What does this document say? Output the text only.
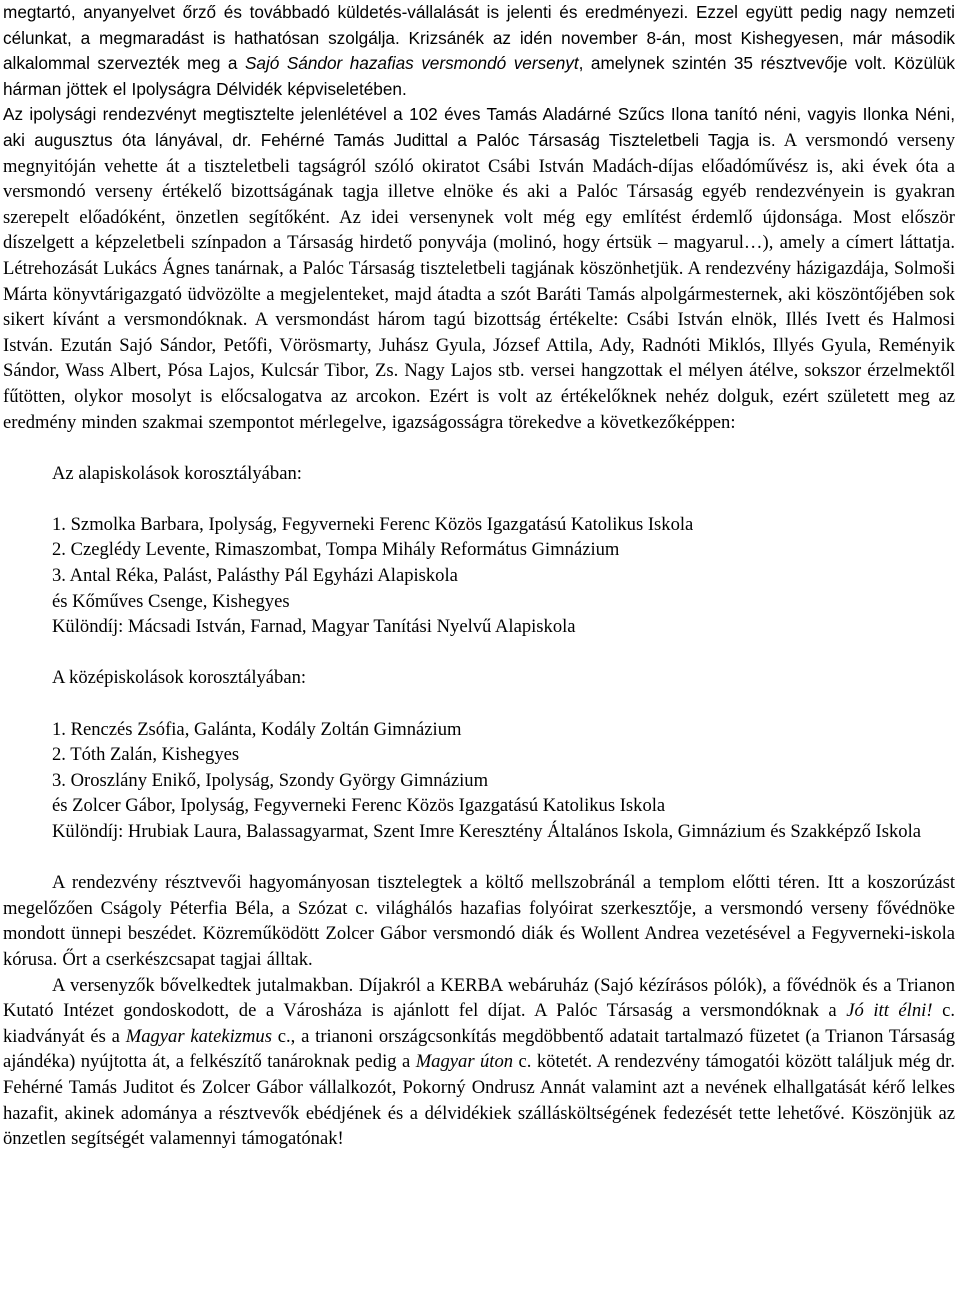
megtartó, anyanyelvet őrző és továbbadó küldetés-vállalását is jelenti és eredményezi. Ezzel együtt pedig nagy nemzeti célunkat, a megmaradást is hathatósan szolgálja. Krizsánék az idén november 8-án, most Kishegyesen, már második alkalommal szervezték meg a Sajó Sándor hazafias versmondó versenyt, amelynek szintén 35 résztvevője volt. Közülük hárman jöttek el Ipolyságra Délvidék képviseletében.

Az ipolysági rendezvényt megtisztelte jelenlétével a 102 éves Tamás Aladárné Szűcs Ilona tanító néni, vagyis Ilonka Néni, aki augusztus óta lányával, dr. Fehérné Tamás Judittal a Palóc Társaság Tiszteletbeli Tagja is. A versmondó verseny megnyitóján vehette át a tiszteletbeli tagságról szóló okiratot Csábi István Madách-díjas előadóművész is, aki évek óta a versmondó verseny értékelő bizottságának tagja illetve elnöke és aki a Palóc Társaság egyéb rendezvényein is gyakran szerepelt előadóként, önzetlen segítőként. Az idei versenynek volt még egy említést érdemlő újdonsága. Most először díszelgett a képzeletbeli színpadon a Társaság hirdető ponyvája (molinó, hogy értsük – magyarul…), amely a címert láttatja. Létrehozását Lukács Ágnes tanárnak, a Palóc Társaság tiszteletbeli tagjának köszönhetjük. A rendezvény házigazdája, Solmoši Márta könyvtárigazgató üdvözölte a megjelenteket, majd átadta a szót Baráti Tamás alpolgármesternek, aki köszöntőjében sok sikert kívánt a versmondóknak. A versmondást három tagú bizottság értékelte: Csábi István elnök, Illés Ivett és Halmosi István. Ezután Sajó Sándor, Petőfi, Vörösmarty, Juhász Gyula, József Attila, Ady, Radnóti Miklós, Illyés Gyula, Reményik Sándor, Wass Albert, Pósa Lajos, Kulcsár Tibor, Zs. Nagy Lajos stb. versei hangzottak el mélyen átélve, sokszor érzelmektől fűtötten, olykor mosolyt is előcsalogatva az arcokon. Ezért is volt az értékelőknek nehéz dolguk, ezért született meg az eredmény minden szakmai szempontot mérlegelve, igazságosságra törekedve a következőképpen:

Az alapiskolások korosztályában:

1. Szmolka Barbara, Ipolyság, Fegyverneki Ferenc Közös Igazgatású Katolikus Iskola

2. Czeglédy Levente, Rimaszombat, Tompa Mihály Református Gimnázium

3. Antal Réka, Palást, Palásthy Pál Egyházi Alapiskola

és Kőműves Csenge, Kishegyes

Különdíj: Mácsadi István, Farnad, Magyar Tanítási Nyelvű Alapiskola

A középiskolások korosztályában:

1. Renczés Zsófia, Galánta, Kodály Zoltán Gimnázium

2. Tóth Zalán, Kishegyes

3. Oroszlány Enikő, Ipolyság, Szondy György Gimnázium

és Zolcer Gábor, Ipolyság, Fegyverneki Ferenc Közös Igazgatású Katolikus Iskola

Különdíj: Hrubiak Laura, Balassagyarmat, Szent Imre Keresztény Általános Iskola, Gimnázium és Szakképző Iskola

A rendezvény résztvevői hagyományosan tisztelegtek a költő mellszobránál a templom előtti téren. Itt a koszorúzást megelőzően Cságoly Péterfia Béla, a Szózat c. világhálós hazafias folyóirat szerkesztője, a versmondó verseny fővédnöke mondott ünnepi beszédet. Közreműködött Zolcer Gábor versmondó diák és Wollent Andrea vezetésével a Fegyverneki-iskola kórusa. Őrt a cserkészcsapat tagjai álltak.

A versenyzők bővelkedtek jutalmakban. Díjakról a KERBA webáruház (Sajó kézírásos pólók), a fővédnök és a Trianon Kutató Intézet gondoskodott, de a Városháza is ajánlott fel díjat. A Palóc Társaság a versmondóknak a Jó itt élni! c. kiadványát és a Magyar katekizmus c., a trianoni országcsonkítás megdöbbentő adatait tartalmazó füzetet (a Trianon Társaság ajándéka) nyújtotta át, a felkészítő tanároknak pedig a Magyar úton c. kötetét. A rendezvény támogatói között találjuk még dr. Fehérné Tamás Juditot és Zolcer Gábor vállalkozót, Pokorný Ondrusz Annát valamint azt a nevének elhallgatását kérő lelkes hazafit, akinek adománya a résztvevők ebédjének és a délvidékiek szállásköltségének fedezését tette lehetővé. Köszönjük az önzetlen segítségét valamennyi támogatónak!
